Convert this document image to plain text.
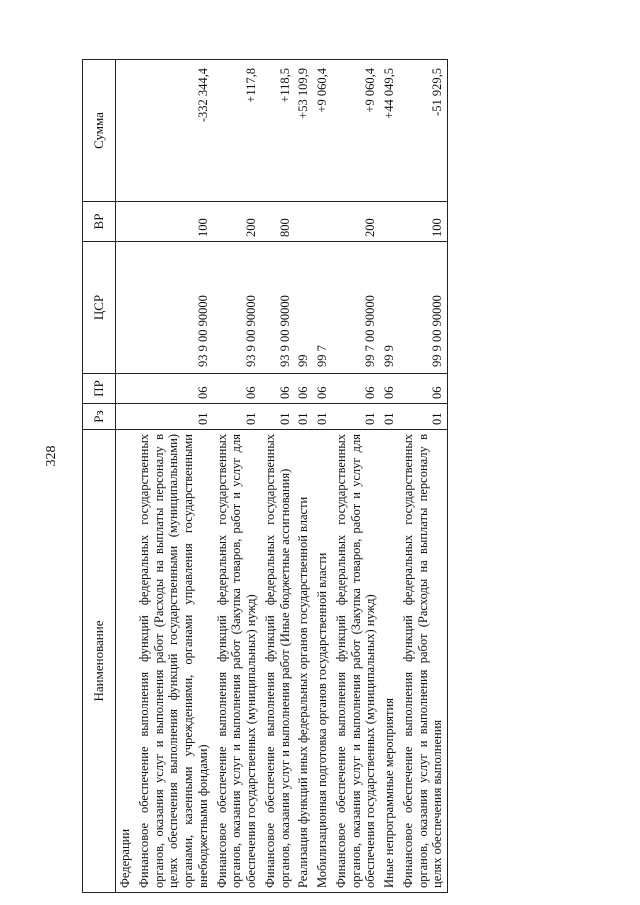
328
Наименование	Рз	ПР	ЦСР	ВР	Сумма
Федерации					
Финансовое обеспечение выполнения функций федеральных государственных органов, оказания услуг и выполнения работ (Расходы на выплаты персоналу в целях обеспечения выполнения функций государственными (муниципальными) органами, казенными учреждениями, органами управления государственными внебюджетными фондами)	01	06	93 9 00 90000	100	-332 344,4
Финансовое обеспечение выполнения функций федеральных государственных органов, оказания услуг и выполнения работ (Закупка товаров, работ и услуг для обеспечения государственных (муниципальных) нужд)	01	06	93 9 00 90000	200	+117,8
Финансовое обеспечение выполнения функций федеральных государственных органов, оказания услуг и выполнения работ (Иные бюджетные ассигнования)	01	06	93 9 00 90000	800	+118,5
Реализация функций иных федеральных органов государственной власти	01	06	99		+53 109,9
Мобилизационная подготовка органов государственной власти	01	06	99 7		+9 060,4
Финансовое обеспечение выполнения функций федеральных государственных органов, оказания услуг и выполнения работ (Закупка товаров, работ и услуг для обеспечения государственных (муниципальных) нужд)	01	06	99 7 00 90000	200	+9 060,4
Иные непрограммные мероприятия	01	06	99 9		+44 049,5
Финансовое обеспечение выполнения функций федеральных государственных органов, оказания услуг и выполнения работ (Расходы на выплаты персоналу в целях обеспечения выполнения	01	06	99 9 00 90000	100	-51 929,5
